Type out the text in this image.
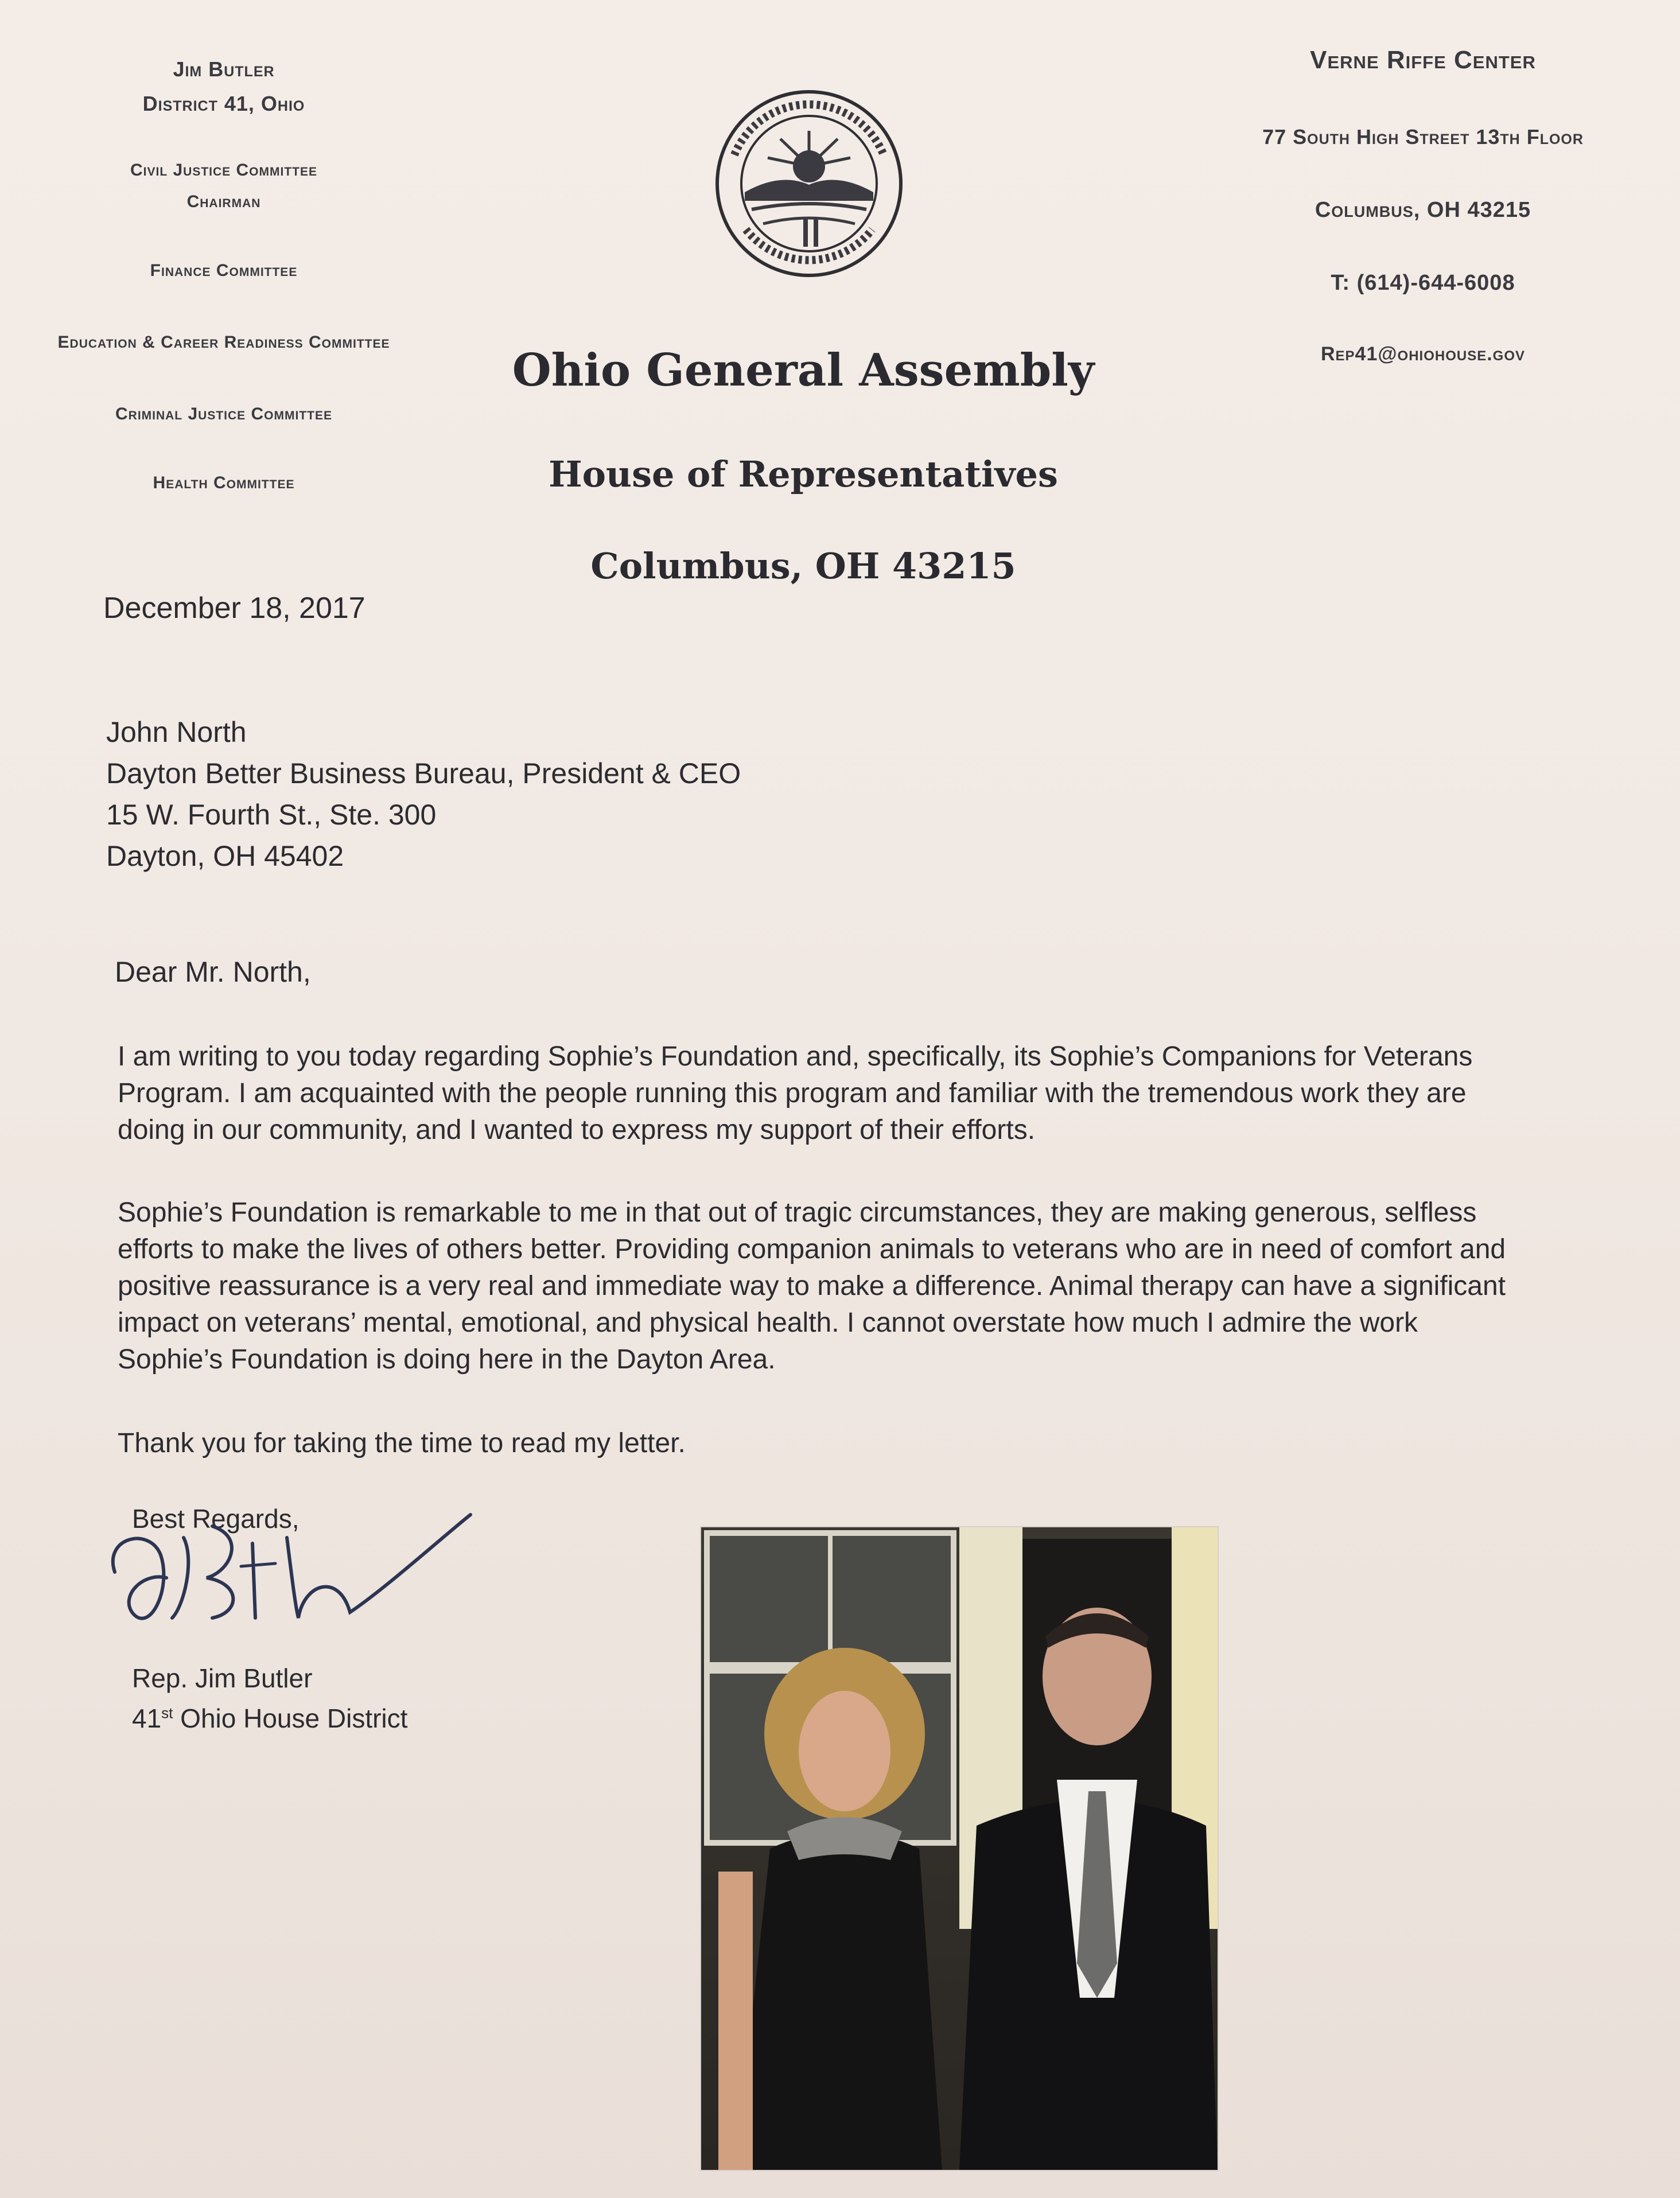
Jim Butler
District 41, Ohio
Civil Justice Committee
Chairman
Finance Committee
Education & Career Readiness Committee
Criminal Justice Committee
Health Committee
Verne Riffe Center
77 South High Street 13th Floor
Columbus, OH 43215
T: (614)-644-6008
Rep41@ohiohouse.gov
Ohio General Assembly
House of Representatives
Columbus, OH 43215
December 18, 2017
John North
Dayton Better Business Bureau, President & CEO
15 W. Fourth St., Ste. 300
Dayton, OH 45402
Dear Mr. North,
I am writing to you today regarding Sophie’s Foundation and, specifically, its Sophie’s Companions for Veterans Program. I am acquainted with the people running this program and familiar with the tremendous work they are doing in our community, and I wanted to express my support of their efforts.
Sophie’s Foundation is remarkable to me in that out of tragic circumstances, they are making generous, selfless efforts to make the lives of others better. Providing companion animals to veterans who are in need of comfort and positive reassurance is a very real and immediate way to make a difference. Animal therapy can have a significant impact on veterans’ mental, emotional, and physical health. I cannot overstate how much I admire the work Sophie’s Foundation is doing here in the Dayton Area.
Thank you for taking the time to read my letter.
Best Regards,
Rep. Jim Butler
41st Ohio House District
